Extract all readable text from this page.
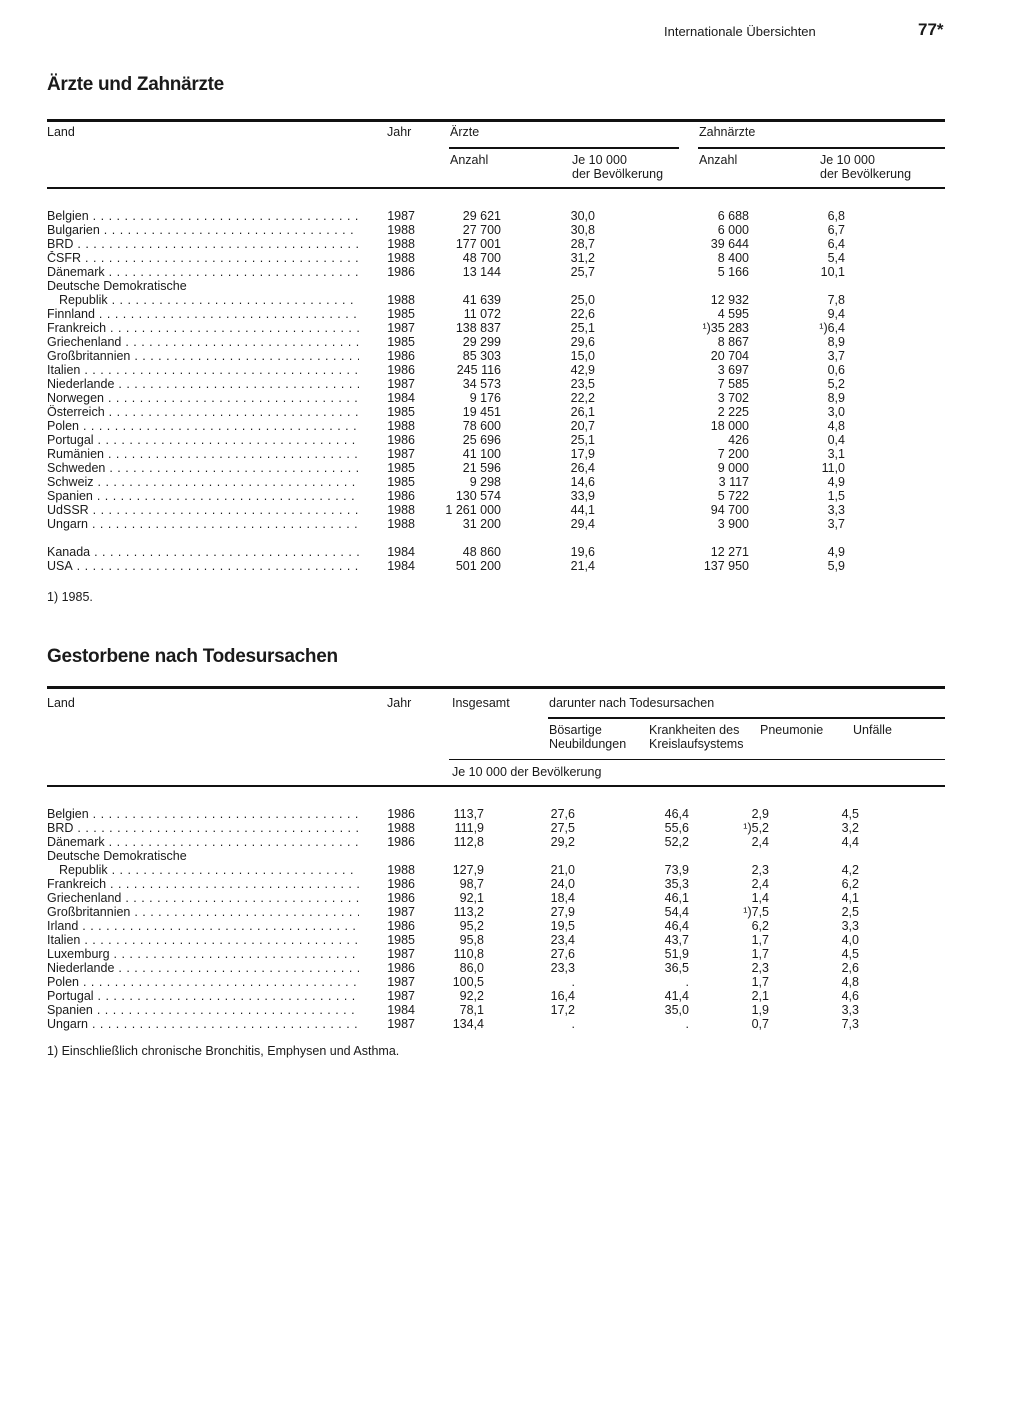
Internationale Übersichten	77*
Ärzte und Zahnärzte
Land	Jahr	Ärzte	Zahnärzte
Anzahl	Je 10 000
der Bevölkerung
Anzahl	Je 10 000
der Bevölkerung
Belgien . . .	1987	29 621	30,0	6 688	6,8
Bulgarien . . .	1988	27 700	30,8	6 000	6,7
BRD . . .	1988	177 001	28,7	39 644	6,4
ČSFR . . .	1988	48 700	31,2	8 400	5,4
Dänemark . . .	1986	13 144	25,7	5 166	10,1
Deutsche Demokratische
Republik . . .	1988	41 639	25,0	12 932	7,8
Finnland . . .	1985	11 072	22,6	4 595	9,4
Frankreich . . .	1987	138 837	25,1	¹)35 283	¹)6,4
Griechenland . . .	1985	29 299	29,6	8 867	8,9
Großbritannien . . .	1986	85 303	15,0	20 704	3,7
Italien . . .	1986	245 116	42,9	3 697	0,6
Niederlande . . .	1987	34 573	23,5	7 585	5,2
Norwegen . . .	1984	9 176	22,2	3 702	8,9
Österreich . . .	1985	19 451	26,1	2 225	3,0
Polen . . .	1988	78 600	20,7	18 000	4,8
Portugal . . .	1986	25 696	25,1	426	0,4
Rumänien . . .	1987	41 100	17,9	7 200	3,1
Schweden . . .	1985	21 596	26,4	9 000	11,0
Schweiz . . .	1985	9 298	14,6	3 117	4,9
Spanien . . .	1986	130 574	33,9	5 722	1,5
UdSSR . . .	1988	1 261 000	44,1	94 700	3,3
Ungarn . . .	1988	31 200	29,4	3 900	3,7
Kanada . . .	1984	48 860	19,6	12 271	4,9
USA . . .	1984	501 200	21,4	137 950	5,9
1) 1985.
Gestorbene nach Todesursachen
Land	Jahr	Insgesamt	darunter nach Todesursachen
Bösartige
Neubildungen
Krankheiten des
Kreislaufsystems
Pneumonie Unfälle
Je 10 000 der Bevölkerung
Belgien . . .	1986	113,7	27,6	46,4	2,9	4,5
BRD . . .	1988	111,9	27,5	55,6	¹)5,2	3,2
Dänemark . . .	1986	112,8	29,2	52,2	2,4	4,4
Deutsche Demokratische
Republik . . .	1988	127,9	21,0	73,9	2,3	4,2
Frankreich . . .	1986	98,7	24,0	35,3	2,4	6,2
Griechenland . . .	1986	92,1	18,4	46,1	1,4	4,1
Großbritannien . . .	1987	113,2	27,9	54,4	¹)7,5	2,5
Irland . . .	1986	95,2	19,5	46,4	6,2	3,3
Italien . . .	1985	95,8	23,4	43,7	1,7	4,0
Luxemburg . . .	1987	110,8	27,6	51,9	1,7	4,5
Niederlande . . .	1986	86,0	23,3	36,5	2,3	2,6
Polen . . .	1987	100,5	.	.	1,7	4,8
Portugal . . .	1987	92,2	16,4	41,4	2,1	4,6
Spanien . . .	1984	78,1	17,2	35,0	1,9	3,3
Ungarn . . .	1987	134,4	.	.	0,7	7,3
1) Einschließlich chronische Bronchitis, Emphysen und Asthma.
